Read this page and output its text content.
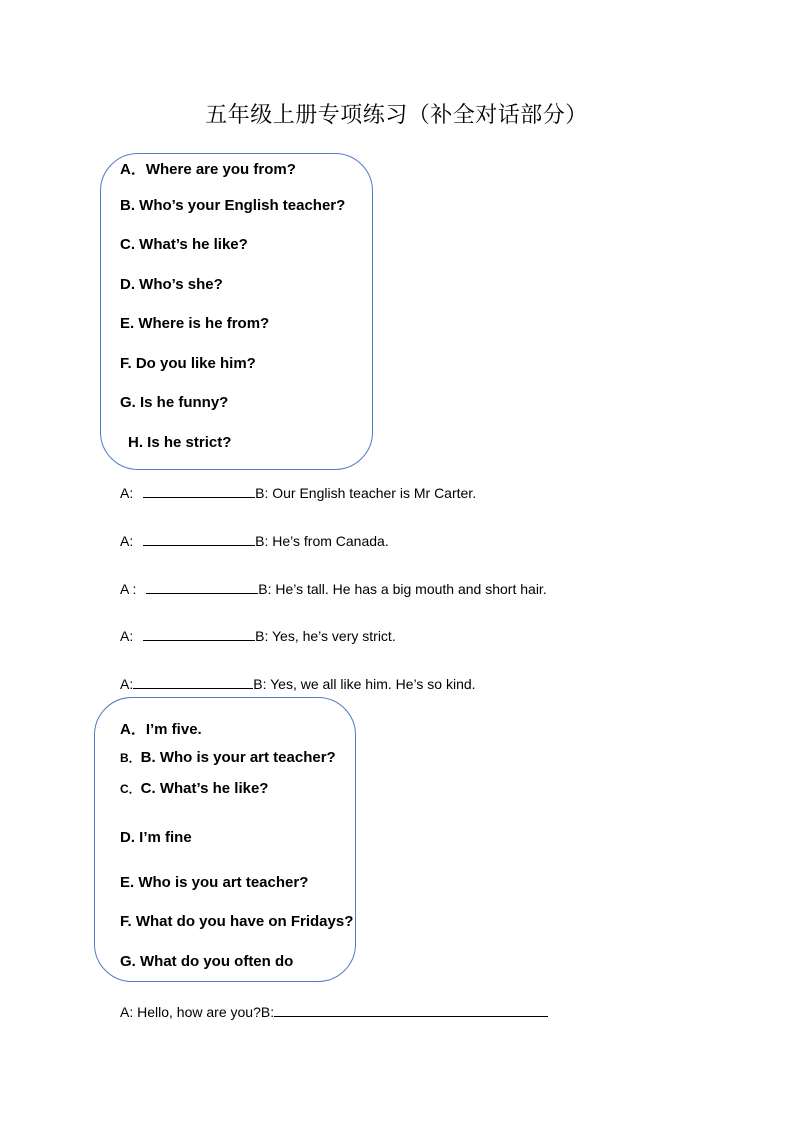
五年级上册专项练习（补全对话部分）
A．Where are you from?
B. Who’s your English teacher?
C. What’s he like?
D. Who’s she?
E. Where is he from?
F. Do you like him?
G. Is he funny?
H. Is he strict?
A:	B: Our English teacher is Mr Carter.
A:	B: He’s from Canada.
A :	B: He’s tall. He has a big mouth and short hair.
A:	B: Yes, he’s very strict.
A:	B: Yes, we all like him. He’s so kind.
A．I’m five.
B．B. Who is your art teacher?
C．C. What’s he like?
D. I’m fine
E. Who is you art teacher?
F. What do you have on Fridays?
G. What do you often do
A: Hello, how are you?B:
